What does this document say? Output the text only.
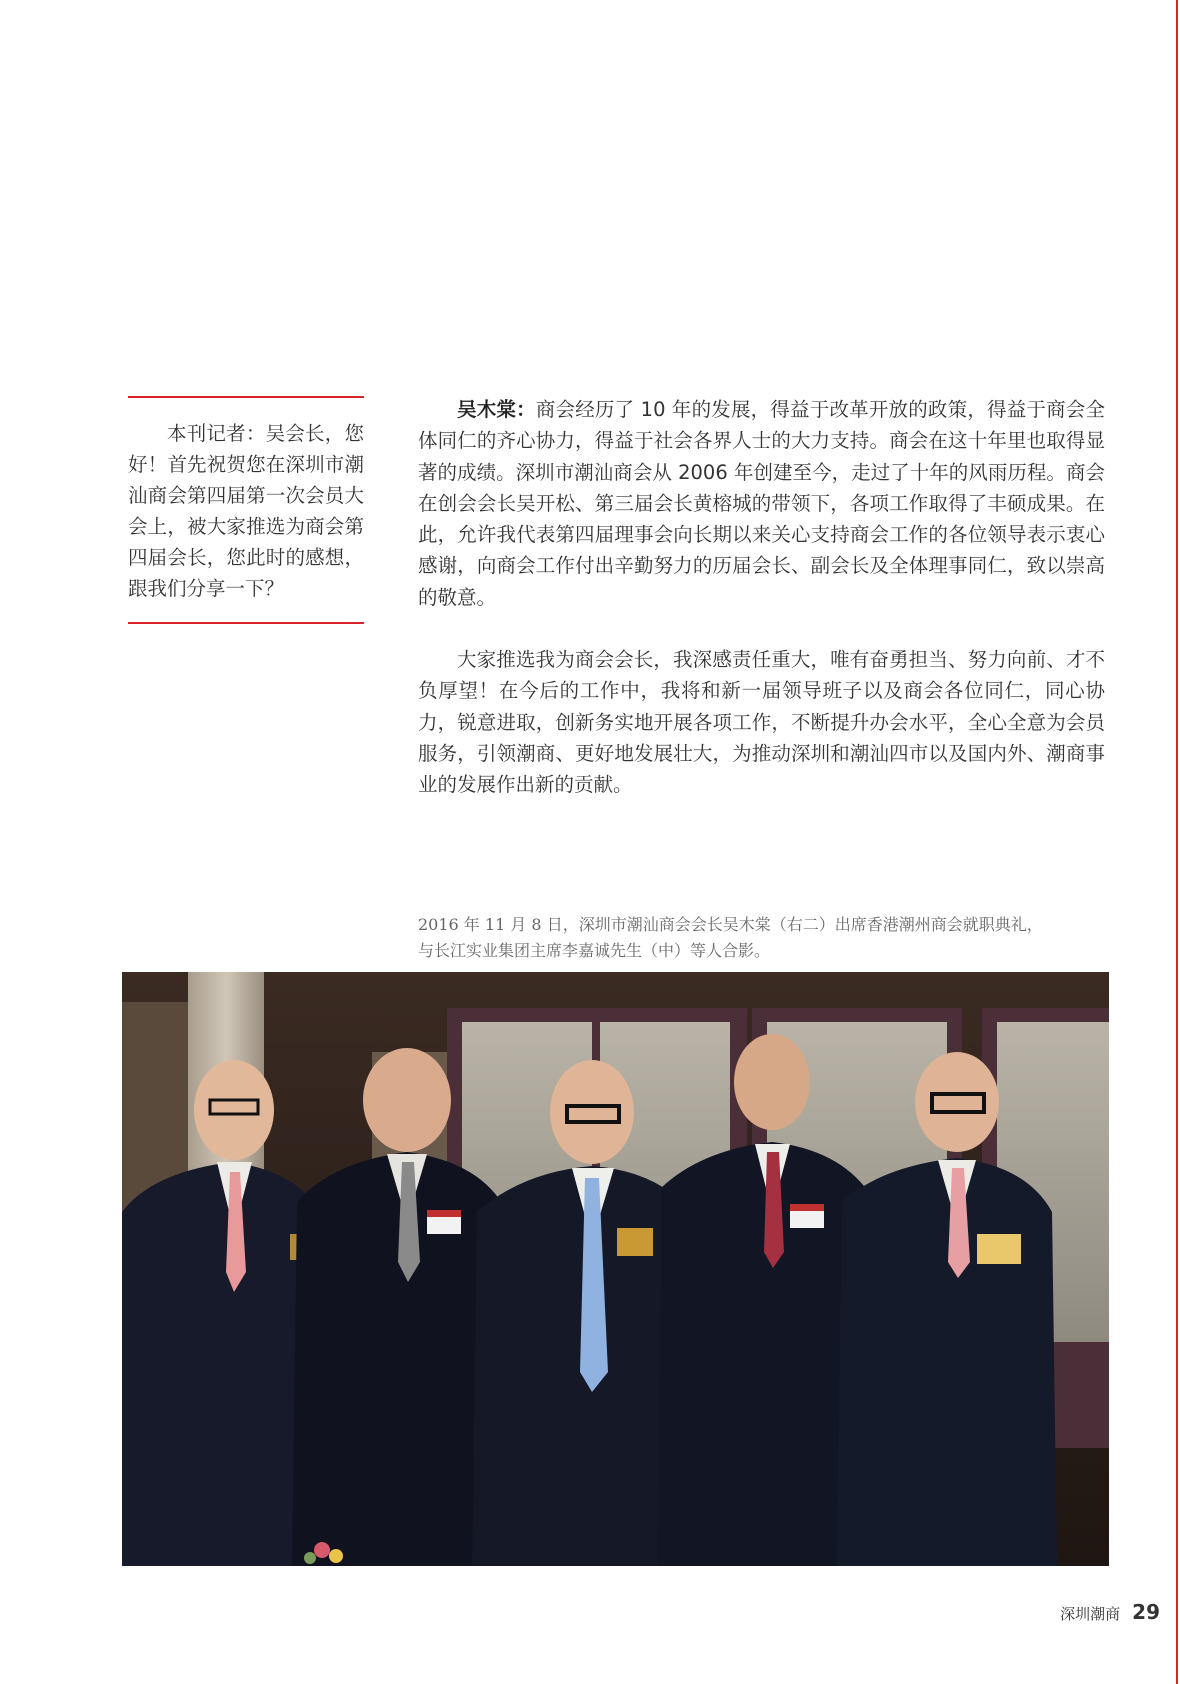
本刊记者：吴会长，您好！首先祝贺您在深圳市潮汕商会第四届第一次会员大会上，被大家推选为商会第四届会长，您此时的感想，跟我们分享一下？

吴木棠：商会经历了 10 年的发展，得益于改革开放的政策，得益于商会全体同仁的齐心协力，得益于社会各界人士的大力支持。商会在这十年里也取得显著的成绩。深圳市潮汕商会从 2006 年创建至今，走过了十年的风雨历程。商会在创会会长吴开松、第三届会长黄榕城的带领下，各项工作取得了丰硕成果。在此，允许我代表第四届理事会向长期以来关心支持商会工作的各位领导表示衷心感谢，向商会工作付出辛勤努力的历届会长、副会长及全体理事同仁，致以崇高的敬意。

大家推选我为商会会长，我深感责任重大，唯有奋勇担当、努力向前、才不负厚望！在今后的工作中，我将和新一届领导班子以及商会各位同仁，同心协力，锐意进取，创新务实地开展各项工作，不断提升办会水平，全心全意为会员服务，引领潮商、更好地发展壮大，为推动深圳和潮汕四市以及国内外、潮商事业的发展作出新的贡献。

2016 年 11 月 8 日，深圳市潮汕商会会长吴木棠（右二）出席香港潮州商会就职典礼，
与长江实业集团主席李嘉诚先生（中）等人合影。
深圳潮商 29
